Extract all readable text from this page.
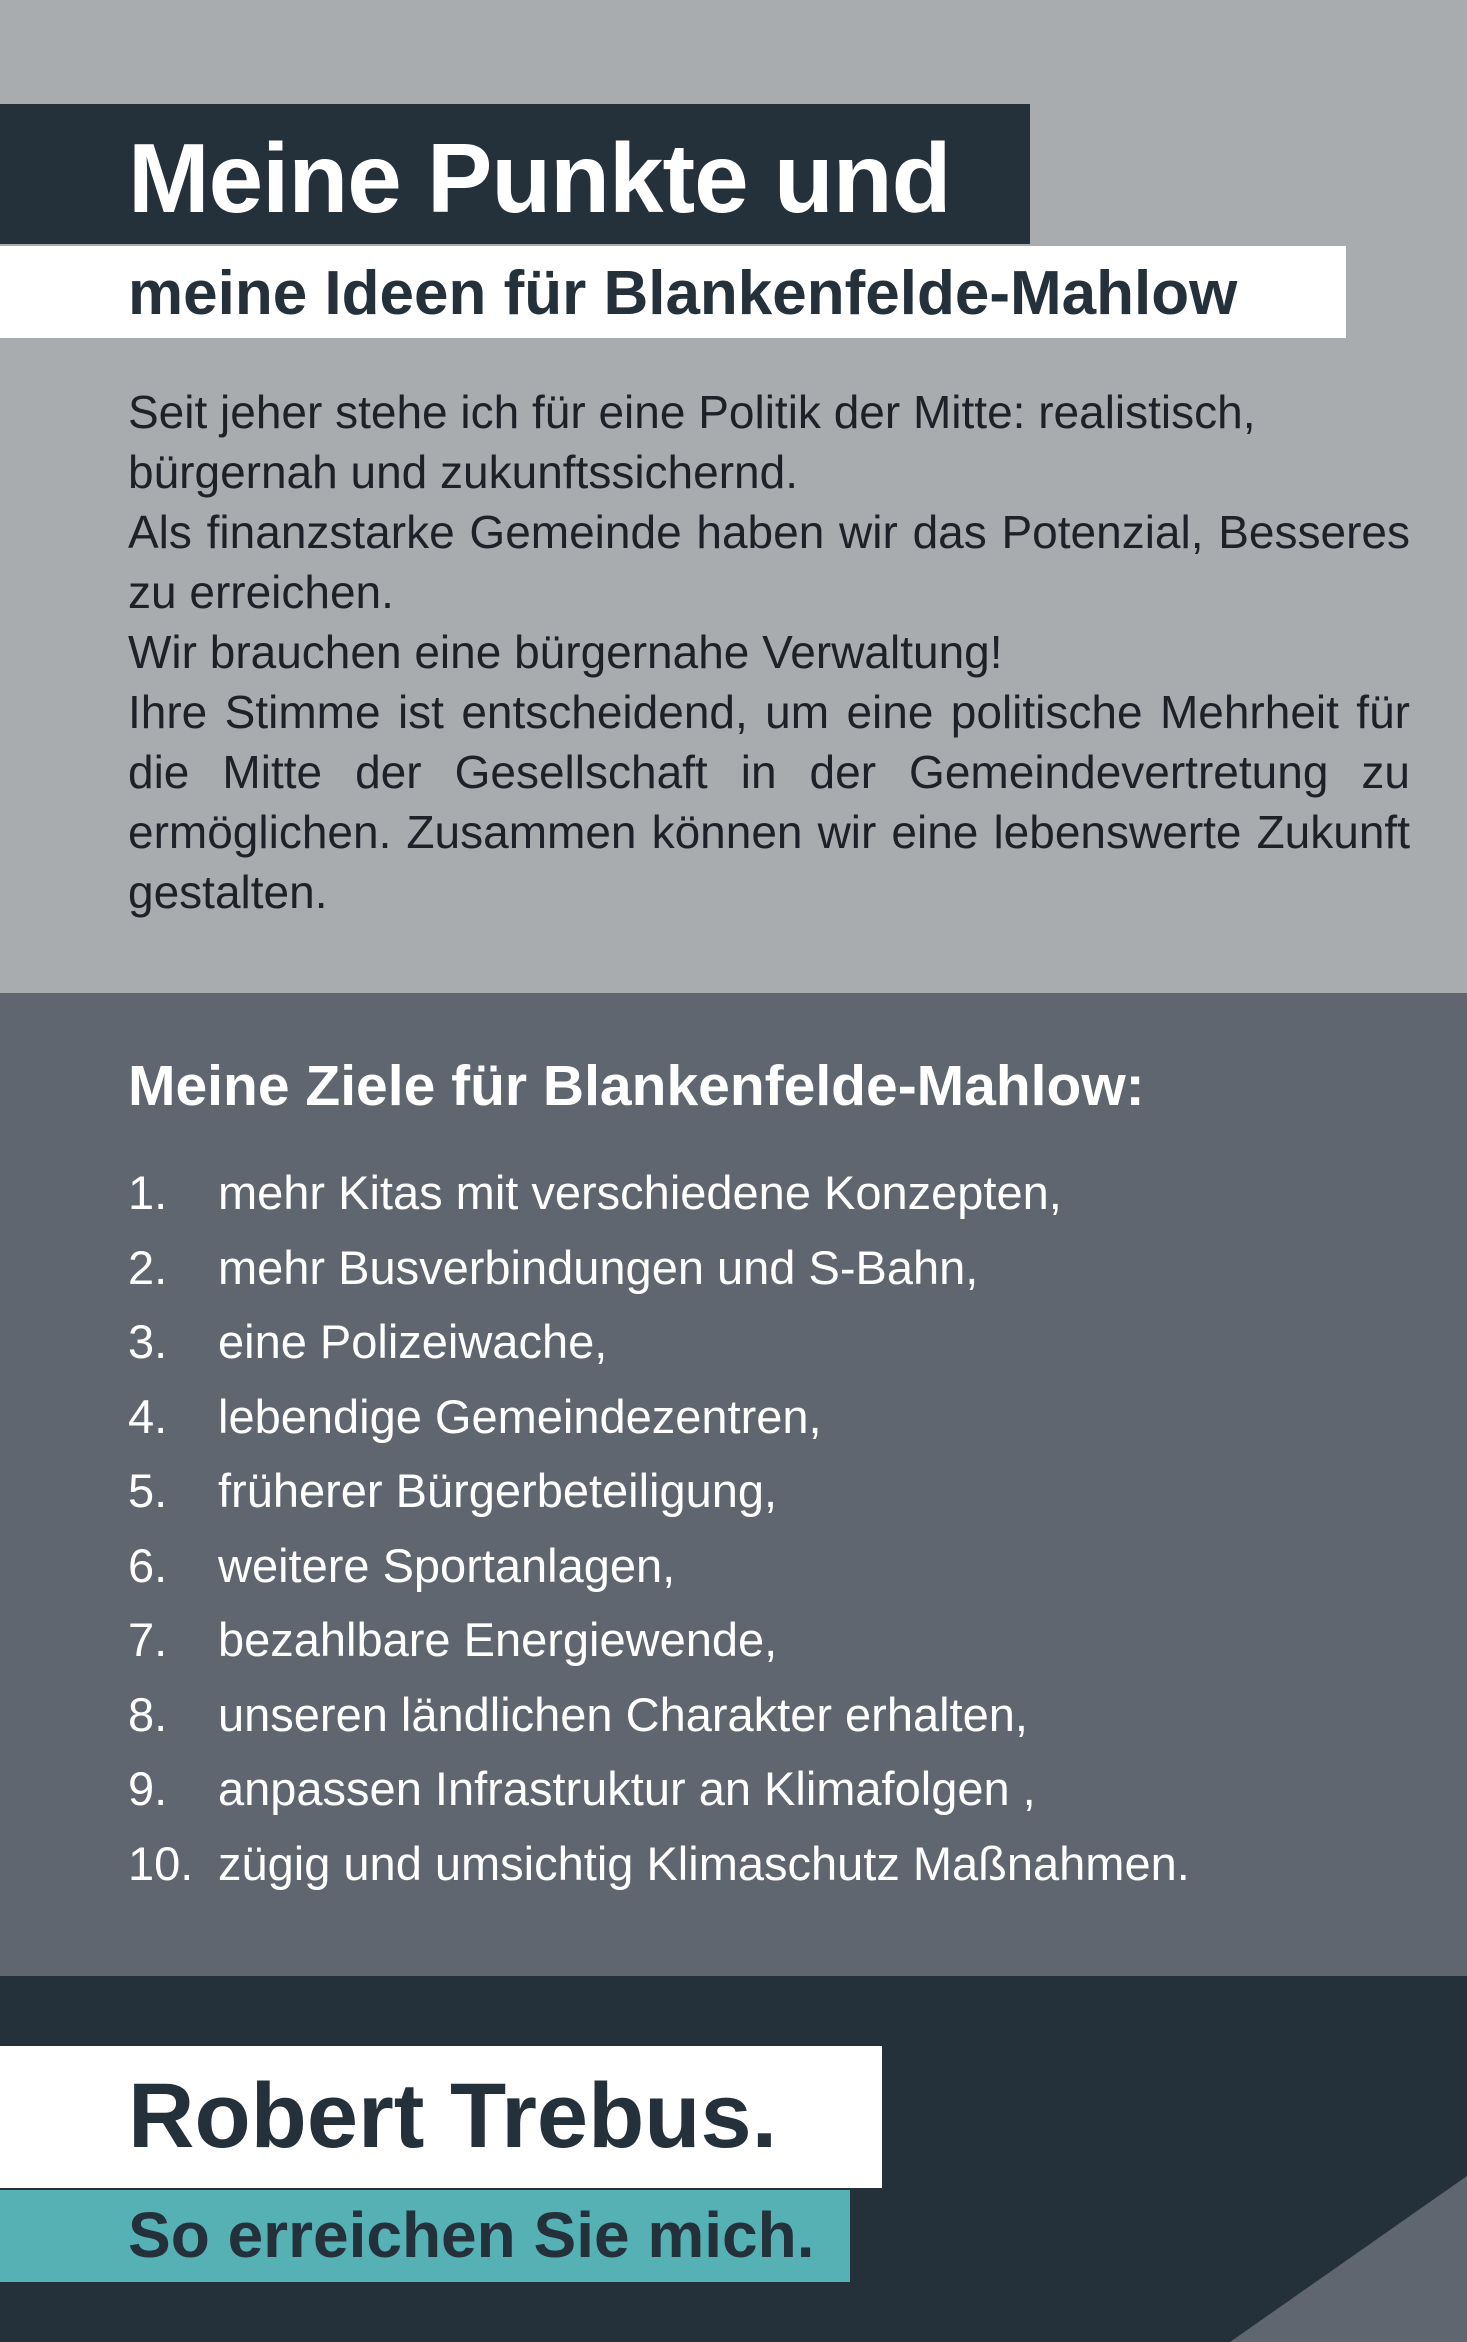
Meine Punkte und
meine Ideen für Blankenfelde-Mahlow

Seit jeher stehe ich für eine Politik der Mitte: realistisch, bürgernah und zukunftssichernd.

Als finanzstarke Gemeinde haben wir das Potenzial, Besseres zu erreichen.

Wir brauchen eine bürgernahe Verwaltung!

Ihre Stimme ist entscheidend, um eine politische Mehrheit für die Mitte der Gesellschaft in der Gemeindevertretung zu ermöglichen. Zusammen können wir eine lebenswerte Zukunft gestalten.

Meine Ziele für Blankenfelde-Mahlow:
1. mehr Kitas mit verschiedene Konzepten,
2. mehr Busverbindungen und S-Bahn,
3. eine Polizeiwache,
4. lebendige Gemeindezentren,
5. früherer Bürgerbeteiligung,
6. weitere Sportanlagen,
7. bezahlbare Energiewende,
8. unseren ländlichen Charakter erhalten,
9. anpassen Infrastruktur an Klimafolgen ,
10. zügig und umsichtig Klimaschutz Maßnahmen.
Robert Trebus.
So erreichen Sie mich.
